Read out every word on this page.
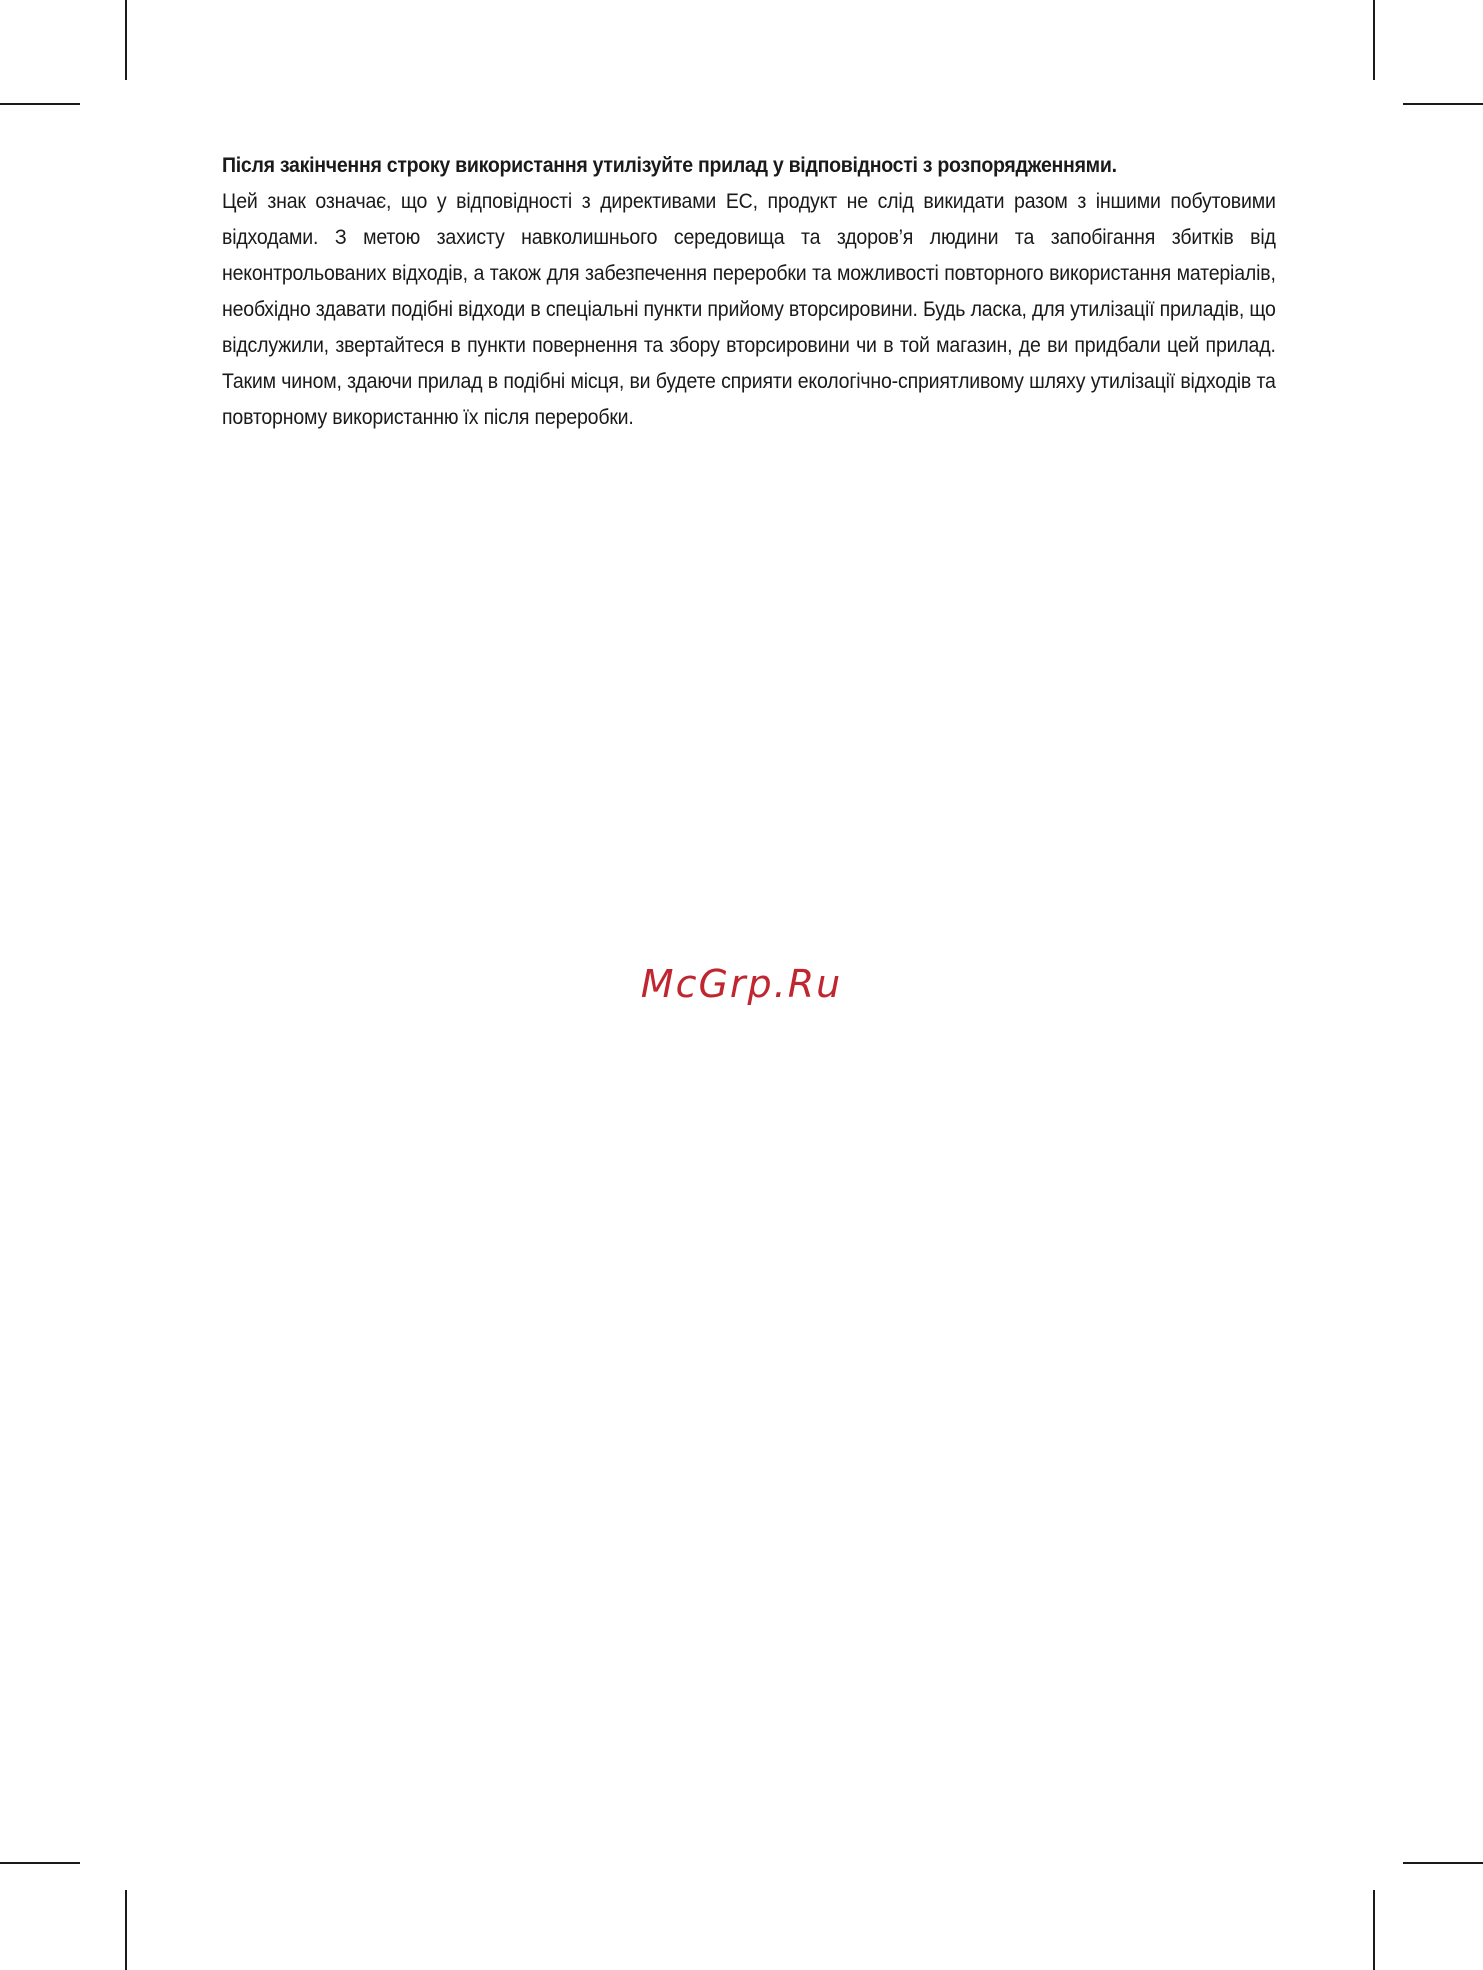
Після закінчення строку використання утилізуйте прилад у відповідності з розпорядженнями.

Цей знак означає, що у відповідності з директивами ЕС, продукт не слід викидати разом з іншими побутовими відходами. З метою захисту навколишнього середовища та здоров’я людини та запобігання збитків від неконтрольованих відходів, а також для забезпечення переробки та можливості повторного використання матеріалів, необхідно здавати подібні відходи в спеціальні пункти прийому вторсировини. Будь ласка, для утилізації приладів, що відслужили, звертайтеся в пункти повернення та збору вторсировини чи в той магазин, де ви придбали цей прилад. Таким чином, здаючи прилад в подібні місця, ви будете сприяти екологічно-сприятливому шляху утилізації відходів та повторному використанню їх після переробки.

McGrp.Ru
